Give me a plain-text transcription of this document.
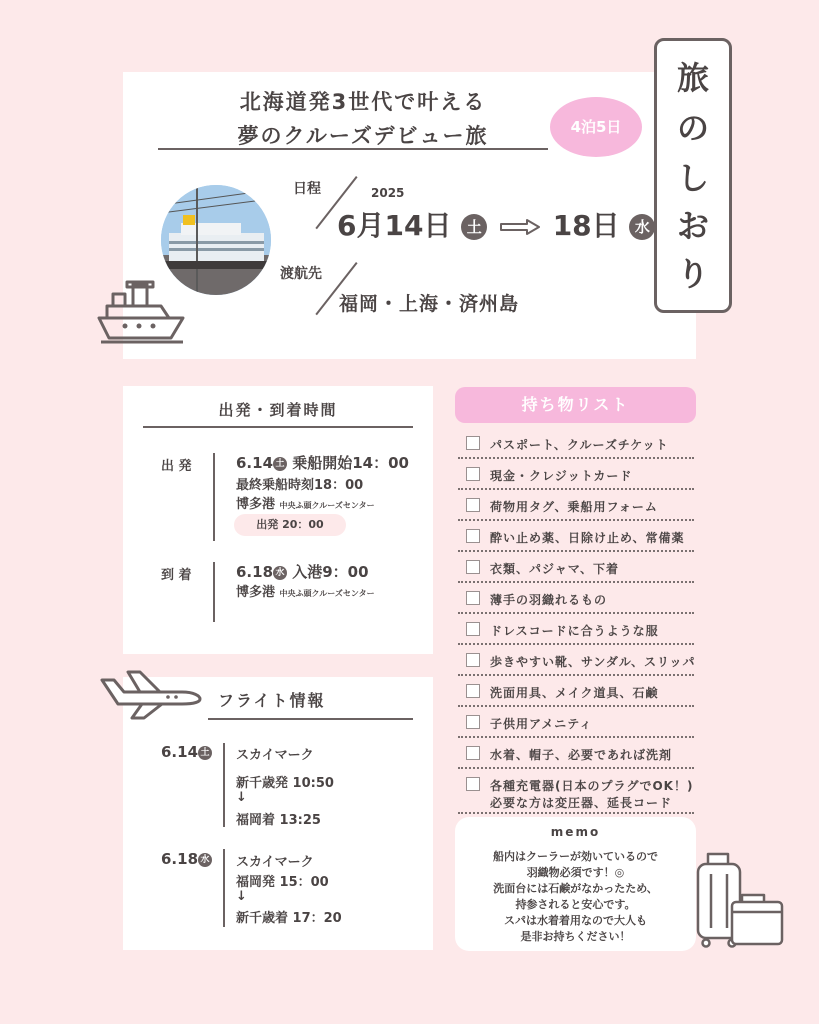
北海道発3世代で叶える
夢のクルーズデビュー旅
日程	2025
6月14日 土	18日 水
渡航先
福岡・上海・済州島
4泊5日
旅
の
し
お
り
出発・到着時間
出 発	6.14 土 乗船開始14：00
最終乗船時刻18：00
博多港 中央ふ頭クルーズセンター
出発 20：00
到 着	6.18 水 入港9：00
博多港 中央ふ頭クルーズセンター
フライト情報
6.14 土 スカイマーク
新千歳発 10:50
↓
福岡着 13:25
6.18 水 スカイマーク
福岡発 15：00
↓
新千歳着 17：20
持ち物リスト
パスポート、クルーズチケット
現金・クレジットカード
荷物用タグ、乗船用フォーム
酔い止め薬、日除け止め、常備薬
衣類、パジャマ、下着
薄手の羽織れるもの
ドレスコードに合うような服
歩きやすい靴、サンダル、スリッパ
洗面用具、メイク道具、石鹸
子供用アメニティ
水着、帽子、必要であれば洗剤
各種充電器(日本のプラグでOK！)
必要な方は変圧器、延長コード
memo
船内はクーラーが効いているので
羽織物必須です！◎
洗面台には石鹸がなかったため、
持参されると安心です。
スパは水着着用なので大人も
是非お持ちください！
